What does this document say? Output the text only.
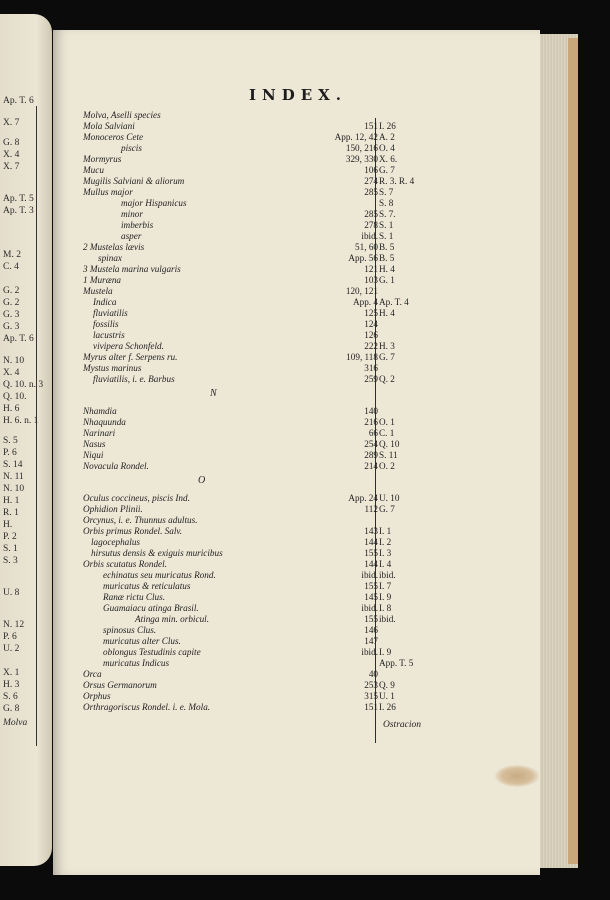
Ap. T. 6
X. 7
G. 8
X. 4
X. 7
Ap. T. 5
Ap. T. 3
M. 2
C. 4
G. 2
G. 2
G. 3
G. 3
Ap. T. 6
N. 10
X. 4
Q. 10. n. 3
Q. 10.
H. 6
H. 6. n. 1
S. 5
P. 6
S. 14
N. 11
N. 10
H. 1
R. 1
H.
P. 2
S. 1
S. 3
U. 8
N. 12
P. 6
U. 2
X. 1
H. 3
S. 6
G. 8
Molva
INDEX.
N
O
Molva, Aselli species
Mola Salviani	151 I. 26
Monoceros Cete	App. 12, 42 A. 2
piscis	150, 216 O. 4
Mormyrus	329, 330 X. 6.
Mucu	106 G. 7
Mugilis Salviani & aliorum	274 R. 3. R. 4
Mullus major	285 S. 7
major Hispanicus	S. 8
minor	285 S. 7.
imberbis	278 S. 1
asper	ibid. S. 1
2 Mustelas lævis	51, 60 B. 5
spinax	App. 56 B. 5
3 Mustela marina vulgaris	121 H. 4
1 Muræna	103 G. 1
Mustela	120, 121
Indica	App. 4 Ap. T. 4
fluviatilis	125 H. 4
fossilis	124
lacustris	126
vivipera Schonfeld.	222 H. 3
Myrus alter f. Serpens ru.	109, 118 G. 7
Mystus marinus	316
fluviatilis, i. e. Barbus	259 Q. 2
Nhamdia	140
Nhaquunda	216 O. 1
Narinari	66 C. 1
Nasus	254 Q. 10
Niqui	289 S. 11
Novacula Rondel.	214 O. 2
Oculus coccineus, piscis Ind.	App. 24 U. 10
Ophidion Plinii.	112 G. 7
Orcynus, i. e. Thunnus adultus.
Orbis primus Rondel. Salv.	143 I. 1
lagocephalus	144 I. 2
hirsutus densis & exiguis muricibus	155 I. 3
Orbis scutatus Rondel.	144 I. 4
echinatus seu muricatus Rond.	ibid. ibid.
muricatus & reticulatus	155 I. 7
Ranæ rictu Clus.	145 I. 9
Guamaiacu atinga Brasil.	ibid. I. 8
Atinga min. orbicul.	155 ibid.
spinosus Clus.	146
muricatus alter Clus.	147
oblongus Testudinis capite	ibid. I. 9
muricatus Indicus	App. T. 5
Orca	40
Orsus Germanorum	253 Q. 9
Orphus	315 U. 1
Orthragoriscus Rondel. i. e. Mola.	151 I. 26
Ostracion
